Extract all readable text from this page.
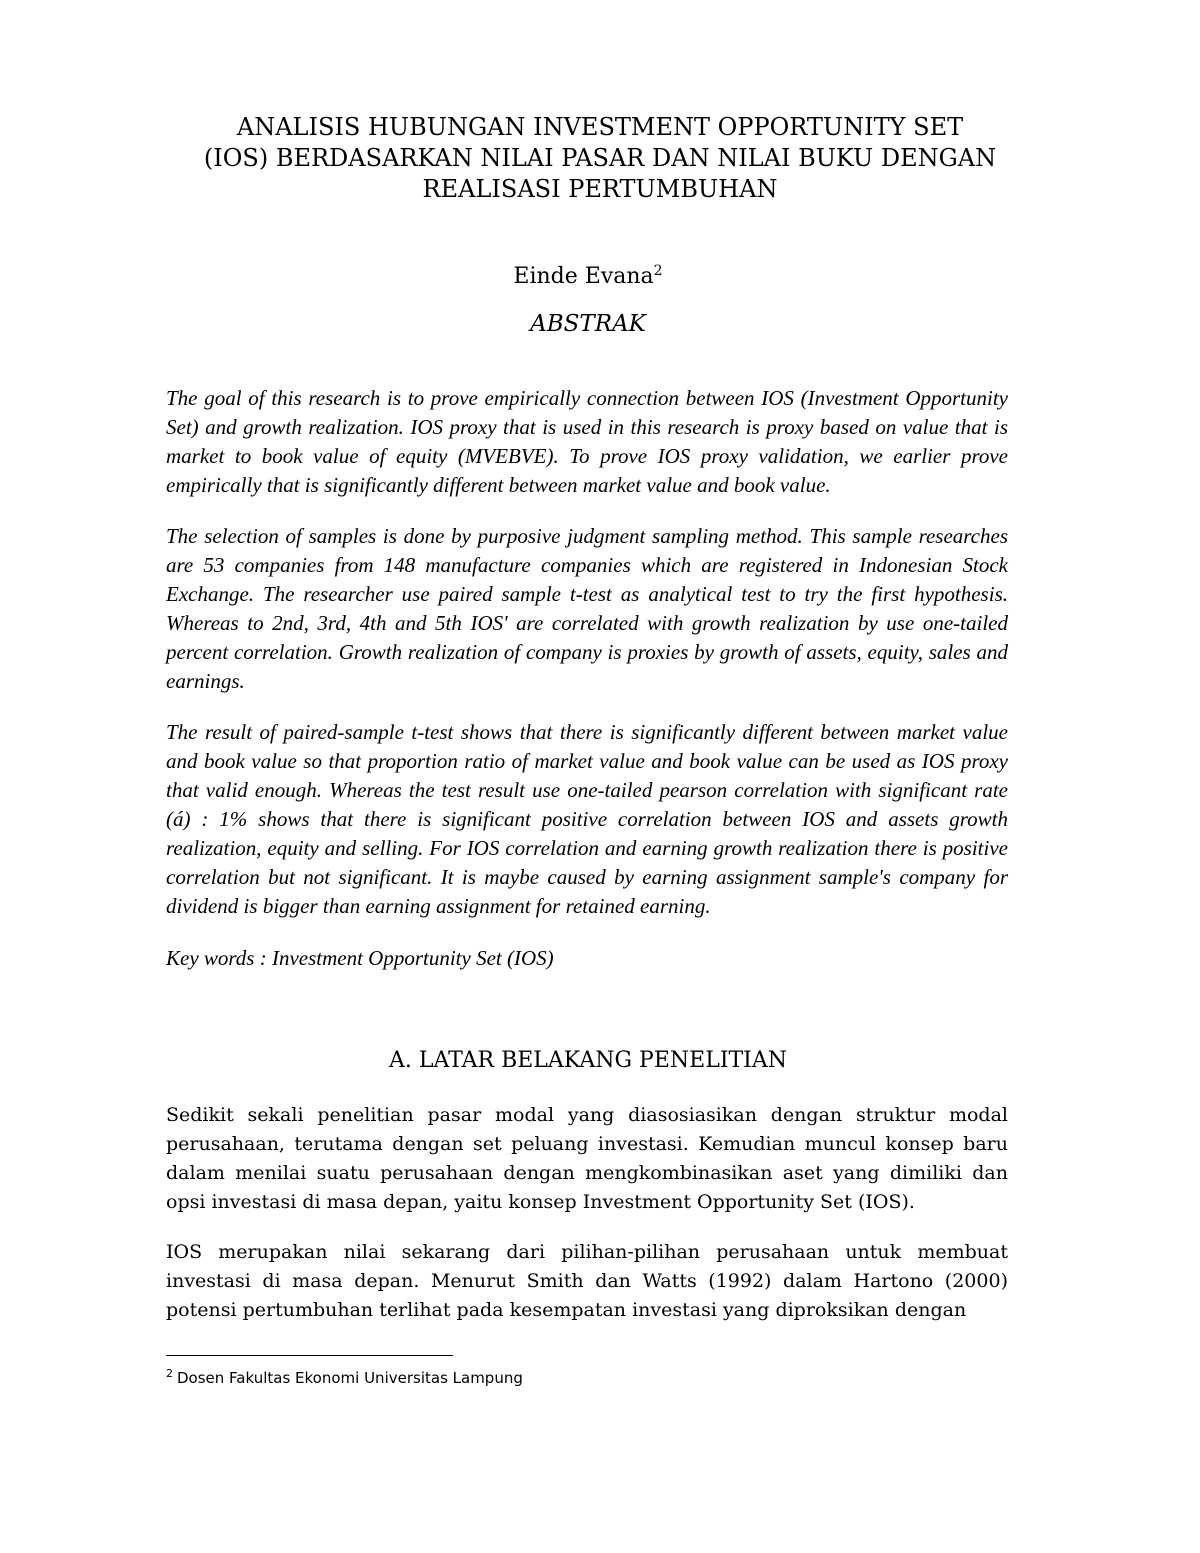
ANALISIS HUBUNGAN INVESTMENT OPPORTUNITY SET
(IOS) BERDASARKAN NILAI PASAR DAN NILAI BUKU DENGAN
REALISASI PERTUMBUHAN
Einde Evana$^2$
ABSTRAK

The goal of this research is to prove empirically connection between IOS (Investment Opportunity Set) and growth realization. IOS proxy that is used in this research is proxy based on value that is market to book value of equity (MVEBVE). To prove IOS proxy validation, we earlier prove empirically that is significantly different between market value and book value.

The selection of samples is done by purposive judgment sampling method. This sample researches are 53 companies from 148 manufacture companies which are registered in Indonesian Stock Exchange. The researcher use paired sample t-test as analytical test to try the first hypothesis. Whereas to 2nd, 3rd, 4th and 5th IOS' are correlated with growth realization by use one-tailed percent correlation. Growth realization of company is proxies by growth of assets, equity, sales and earnings.

The result of paired-sample t-test shows that there is significantly different between market value and book value so that proportion ratio of market value and book value can be used as IOS proxy that valid enough. Whereas the test result use one-tailed pearson correlation with significant rate (á) : 1% shows that there is significant positive correlation between IOS and assets growth realization, equity and selling. For IOS correlation and earning growth realization there is positive correlation but not significant. It is maybe caused by earning assignment sample's company for dividend is bigger than earning assignment for retained earning.

Key words : Investment Opportunity Set (IOS)

A. LATAR BELAKANG PENELITIAN

Sedikit sekali penelitian pasar modal yang diasosiasikan dengan struktur modal perusahaan, terutama dengan set peluang investasi. Kemudian muncul konsep baru dalam menilai suatu perusahaan dengan mengkombinasikan aset yang dimiliki dan opsi investasi di masa depan, yaitu konsep Investment Opportunity Set (IOS).

IOS merupakan nilai sekarang dari pilihan-pilihan perusahaan untuk membuat investasi di masa depan. Menurut Smith dan Watts (1992) dalam Hartono (2000) potensi pertumbuhan terlihat pada kesempatan investasi yang diproksikan dengan

$^2$ Dosen Fakultas Ekonomi Universitas Lampung
